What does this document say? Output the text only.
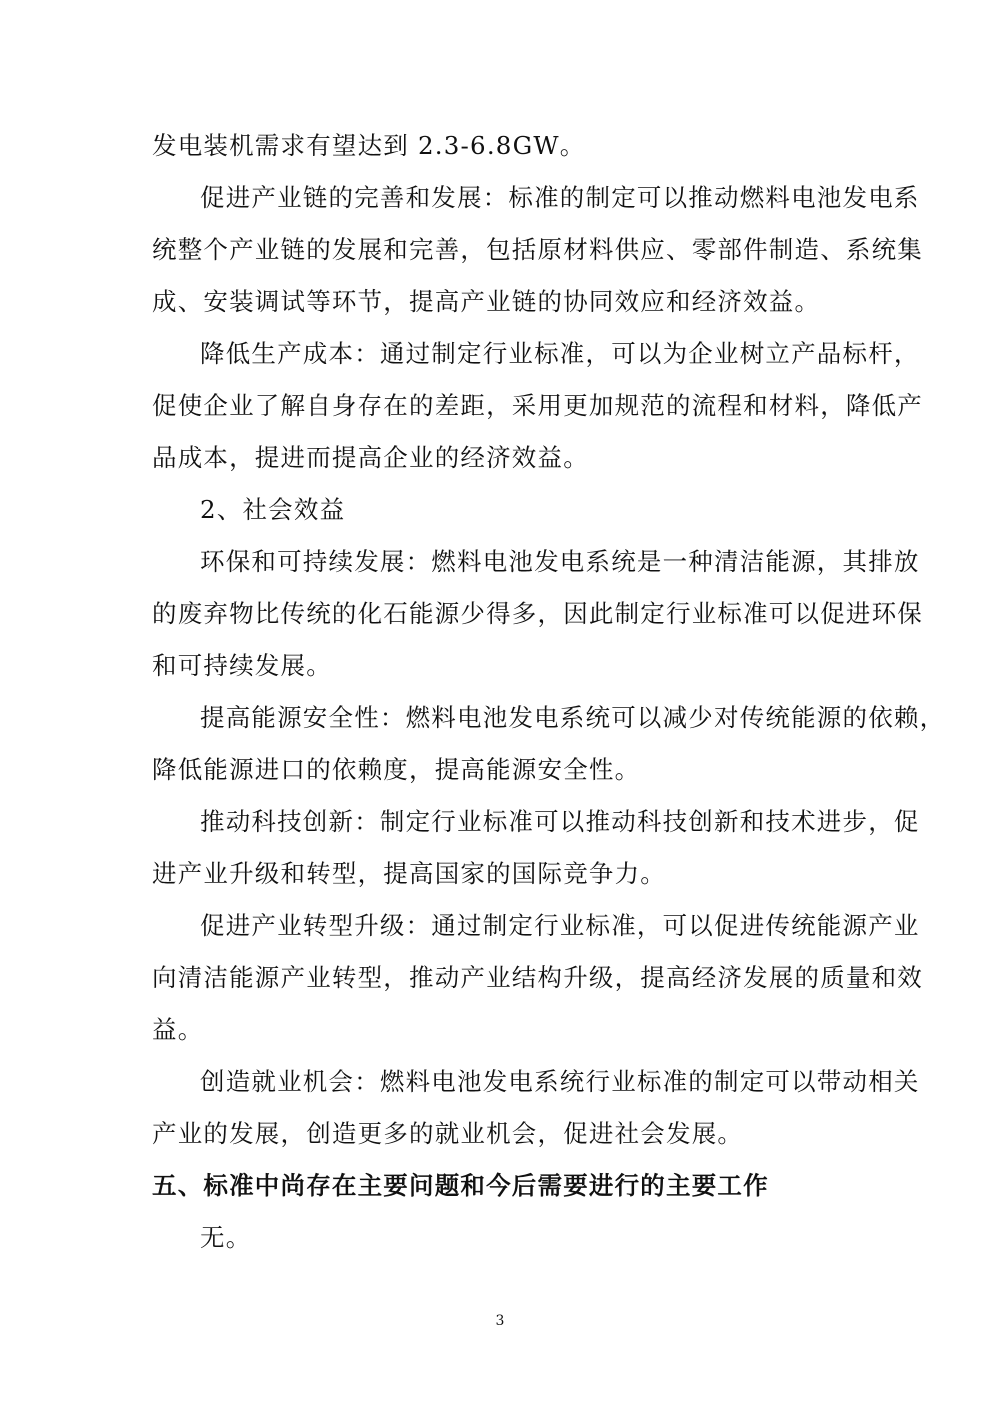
发电装机需求有望达到 2.3-6.8GW。
促进产业链的完善和发展：标准的制定可以推动燃料电池发电系
统整个产业链的发展和完善，包括原材料供应、零部件制造、系统集
成、安装调试等环节，提高产业链的协同效应和经济效益。
降低生产成本：通过制定行业标准，可以为企业树立产品标杆，
促使企业了解自身存在的差距，采用更加规范的流程和材料，降低产
品成本，提进而提高企业的经济效益。
2、社会效益
环保和可持续发展：燃料电池发电系统是一种清洁能源，其排放
的废弃物比传统的化石能源少得多，因此制定行业标准可以促进环保
和可持续发展。
提高能源安全性：燃料电池发电系统可以减少对传统能源的依赖，
降低能源进口的依赖度，提高能源安全性。
推动科技创新：制定行业标准可以推动科技创新和技术进步，促
进产业升级和转型，提高国家的国际竞争力。
促进产业转型升级：通过制定行业标准，可以促进传统能源产业
向清洁能源产业转型，推动产业结构升级，提高经济发展的质量和效
益。
创造就业机会：燃料电池发电系统行业标准的制定可以带动相关
产业的发展，创造更多的就业机会，促进社会发展。
五、标准中尚存在主要问题和今后需要进行的主要工作
无。
3
